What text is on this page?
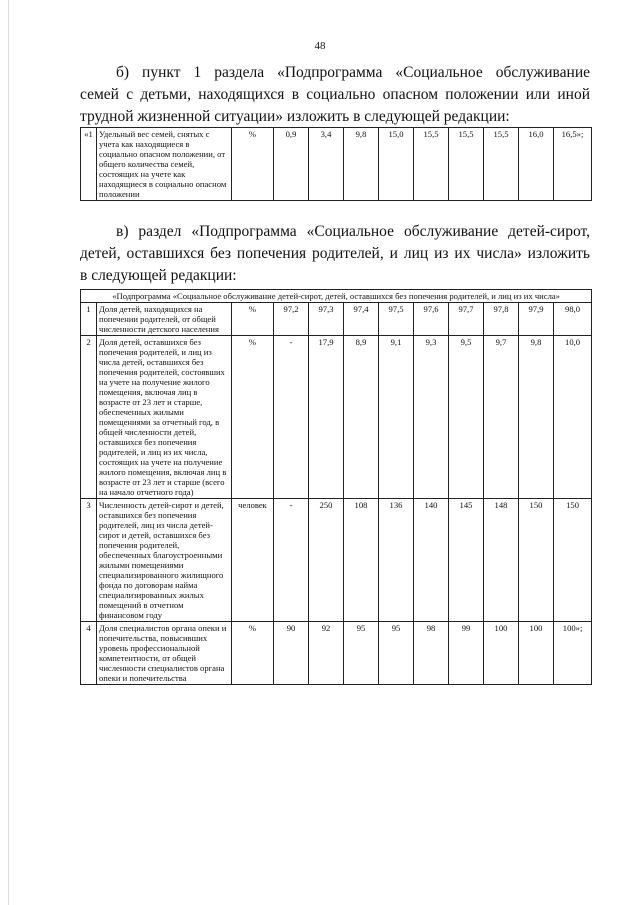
48
б) пункт 1 раздела «Подпрограмма «Социальное обслуживание
семей с детьми, находящихся в социально опасном положении или иной
трудной жизненной ситуации» изложить в следующей редакции:
«1	Удельный вес семей, снятых с учета как находящиеся в социально опасном положении, от общего количества семей, состоящих на учете как находящиеся в социально опасном положении	%	0,9	3,4	9,8	15,0	15,5	15,5	15,5	16,0	16,5»;
в) раздел «Подпрограмма «Социальное обслуживание детей-сирот,
детей, оставшихся без попечения родителей, и лиц из их числа» изложить
в следующей редакции:
«Подпрограмма «Социальное обслуживание детей-сирот, детей, оставшихся без попечения родителей, и лиц из их числа»											
1	Доля детей, находящихся на попечении родителей, от общей численности детского населения	%	97,2	97,3	97,4	97,5	97,6	97,7	97,8	97,9	98,0
2	Доля детей, оставшихся без попечения родителей, и лиц из числа детей, оставшихся без попечения родителей, состоявших на учете на получение жилого помещения, включая лиц в возрасте от 23 лет и старше, обеспеченных жилыми помещениями за отчетный год, в общей численности детей, оставшихся без попечения родителей, и лиц из их числа, состоящих на учете на получение жилого помещения, включая лиц в возрасте от 23 лет и старше (всего на начало отчетного года)	%	-	17,9	8,9	9,1	9,3	9,5	9,7	9,8	10,0
3	Численность детей-сирот и детей, оставшихся без попечения родителей, лиц из числа детей-сирот и детей, оставшихся без попечения родителей, обеспеченных благоустроенными жилыми помещениями специализированного жилищного фонда по договорам найма специализированных жилых помещений в отчетном финансовом году	человек	-	250	108	136	140	145	148	150	150
4	Доля специалистов органа опеки и попечительства, повысивших уровень профессиональной компетентности, от общей численности специалистов органа опеки и попечительства	%	90	92	95	95	98	99	100	100	100»;
